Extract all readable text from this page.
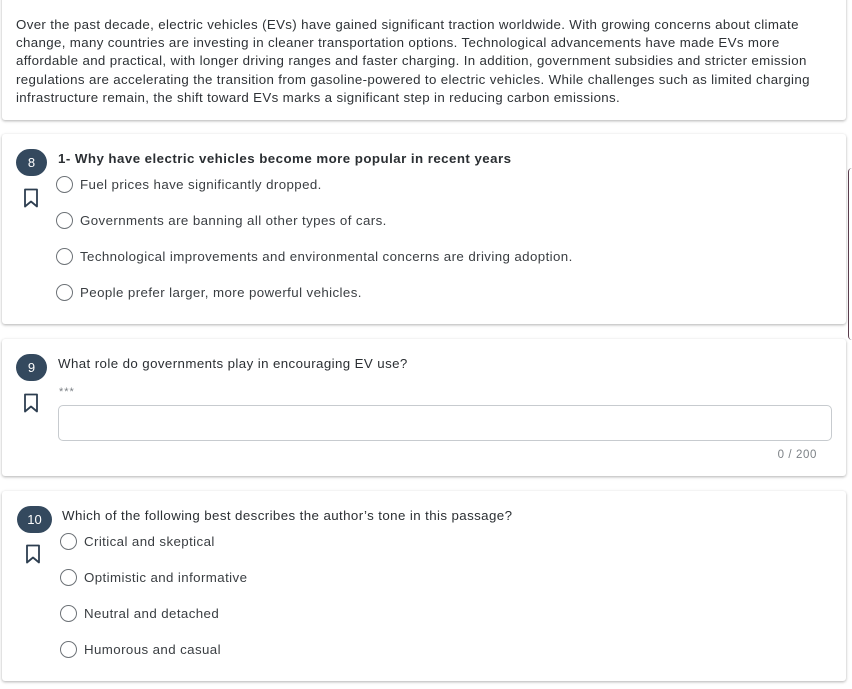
Over the past decade, electric vehicles (EVs) have gained significant traction worldwide. With growing concerns about climate change, many countries are investing in cleaner transportation options. Technological advancements have made EVs more affordable and practical, with longer driving ranges and faster charging. In addition, government subsidies and stricter emission regulations are accelerating the transition from gasoline-powered to electric vehicles. While challenges such as limited charging infrastructure remain, the shift toward EVs marks a significant step in reducing carbon emissions.

8	1- Why have electric vehicles become more popular in recent years
Fuel prices have significantly dropped.
Governments are banning all other types of cars.
Technological improvements and environmental concerns are driving adoption.
People prefer larger, more powerful vehicles.
9	What role do governments play in encouraging EV use?
***
0 / 200
10	Which of the following best describes the author’s tone in this passage?
Critical and skeptical
Optimistic and informative
Neutral and detached
Humorous and casual
